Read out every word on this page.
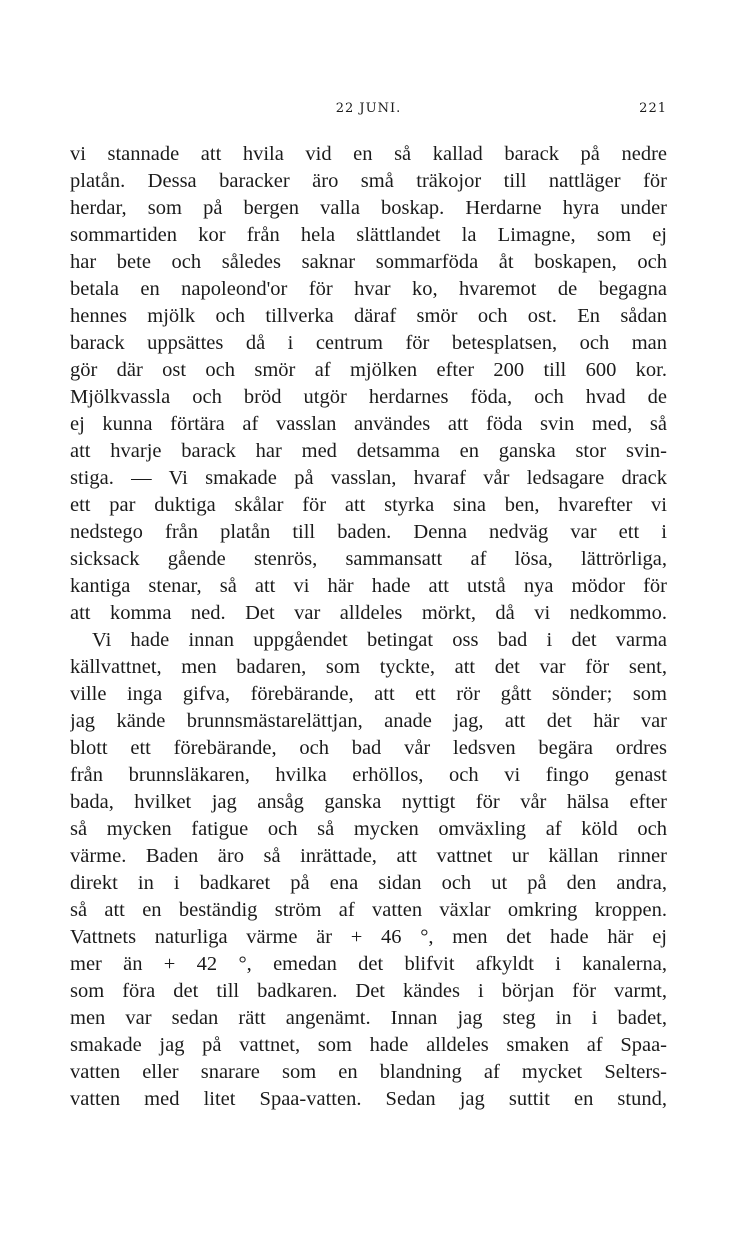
22 JUNI.	221
vi stannade att hvila vid en så kallad barack på nedre
platån. Dessa baracker äro små träkojor till nattläger för
herdar, som på bergen valla boskap. Herdarne hyra under
sommartiden kor från hela slättlandet la Limagne, som ej
har bete och således saknar sommarföda åt boskapen, och
betala en napoleond'or för hvar ko, hvaremot de begagna
hennes mjölk och tillverka däraf smör och ost. En sådan
barack uppsättes då i centrum för betesplatsen, och man
gör där ost och smör af mjölken efter 200 till 600 kor.
Mjölkvassla och bröd utgör herdarnes föda, och hvad de
ej kunna förtära af vasslan användes att föda svin med, så
att hvarje barack har med detsamma en ganska stor svin-
stiga. — Vi smakade på vasslan, hvaraf vår ledsagare drack
ett par duktiga skålar för att styrka sina ben, hvarefter vi
nedstego från platån till baden. Denna nedväg var ett i
sicksack gående stenrös, sammansatt af lösa, lättrörliga,
kantiga stenar, så att vi här hade att utstå nya mödor för
att komma ned. Det var alldeles mörkt, då vi nedkommo.
Vi hade innan uppgåendet betingat oss bad i det varma
källvattnet, men badaren, som tyckte, att det var för sent,
ville inga gifva, förebärande, att ett rör gått sönder; som
jag kände brunnsmästarelättjan, anade jag, att det här var
blott ett förebärande, och bad vår ledsven begära ordres
från brunnsläkaren, hvilka erhöllos, och vi fingo genast
bada, hvilket jag ansåg ganska nyttigt för vår hälsa efter
så mycken fatigue och så mycken omväxling af köld och
värme. Baden äro så inrättade, att vattnet ur källan rinner
direkt in i badkaret på ena sidan och ut på den andra,
så att en beständig ström af vatten växlar omkring kroppen.
Vattnets naturliga värme är + 46 °, men det hade här ej
mer än + 42 °, emedan det blifvit afkyldt i kanalerna,
som föra det till badkaren. Det kändes i början för varmt,
men var sedan rätt angenämt. Innan jag steg in i badet,
smakade jag på vattnet, som hade alldeles smaken af Spaa-
vatten eller snarare som en blandning af mycket Selters-
vatten med litet Spaa-vatten. Sedan jag suttit en stund,
